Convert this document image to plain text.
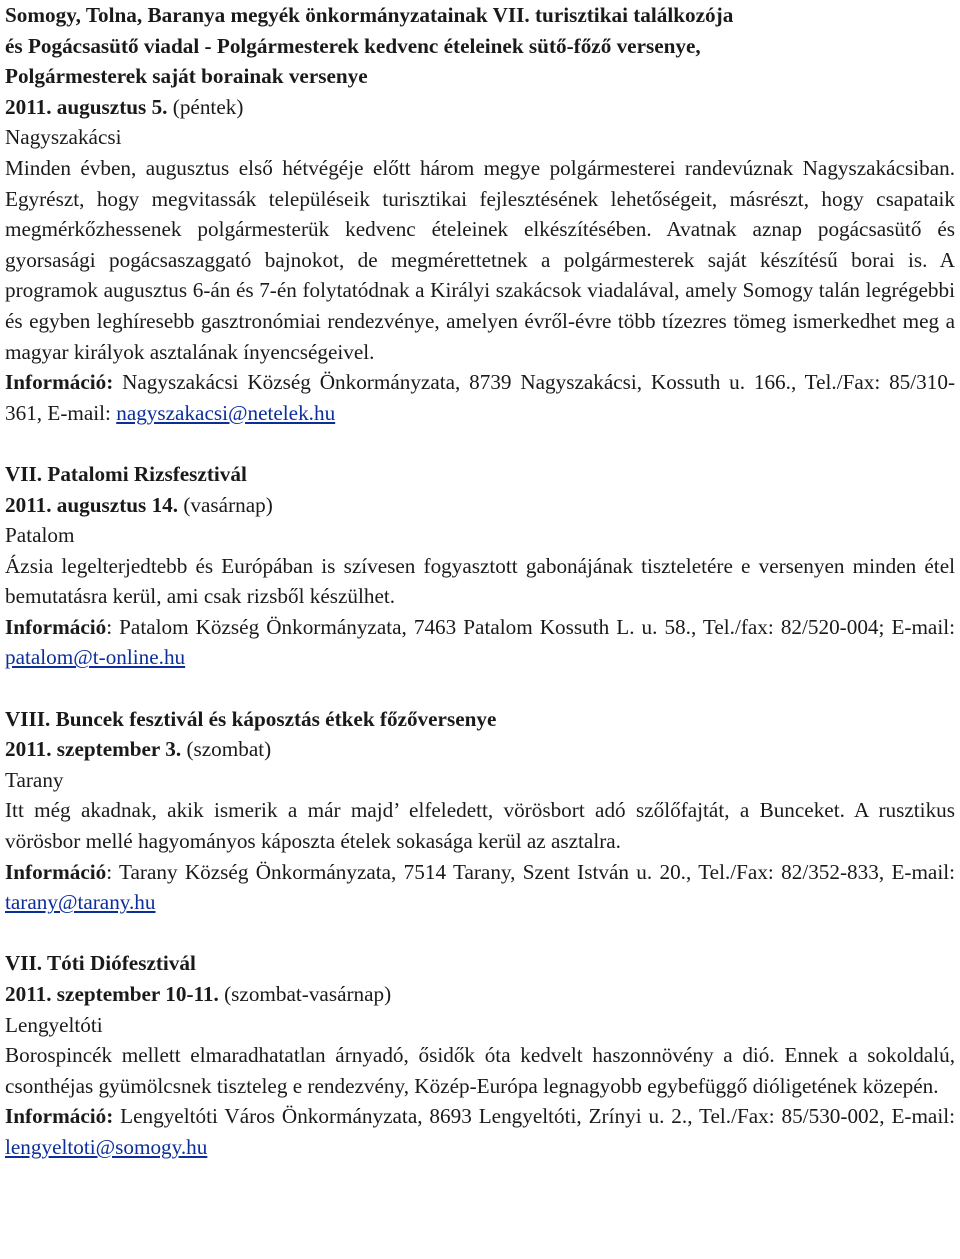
Somogy, Tolna, Baranya megyék önkormányzatainak VII. turisztikai találkozója

és Pogácsasütő viadal - Polgármesterek kedvenc ételeinek sütő-főző versenye,

Polgármesterek saját borainak versenye

2011. augusztus 5. (péntek)

Nagyszakácsi

Minden évben, augusztus első hétvégéje előtt három megye polgármesterei randevúznak Nagyszakácsiban. Egyrészt, hogy megvitassák településeik turisztikai fejlesztésének lehetőségeit, másrészt, hogy csapataik megmérkőzhessenek polgármesterük kedvenc ételeinek elkészítésében. Avatnak aznap pogácsasütő és gyorsasági pogácsaszaggató bajnokot, de megmérettetnek a polgármesterek saját készítésű borai is. A programok augusztus 6-án és 7-én folytatódnak a Királyi szakácsok viadalával, amely Somogy talán legrégebbi és egyben leghíresebb gasztronómiai rendezvénye, amelyen évről-évre több tízezres tömeg ismerkedhet meg a magyar királyok asztalának ínyencségeivel.

Információ: Nagyszakácsi Község Önkormányzata, 8739 Nagyszakácsi, Kossuth u. 166., Tel./Fax: 85/310-361, E-mail: nagyszakacsi@netelek.hu

VII. Patalomi Rizsfesztivál

2011. augusztus 14. (vasárnap)

Patalom

Ázsia legelterjedtebb és Európában is szívesen fogyasztott gabonájának tiszteletére e versenyen minden étel bemutatásra kerül, ami csak rizsből készülhet.

Információ: Patalom Község Önkormányzata, 7463 Patalom Kossuth L. u. 58., Tel./fax: 82/520-004; E-mail: patalom@t-online.hu

VIII. Buncek fesztivál és káposztás étkek főzőversenye

2011. szeptember 3. (szombat)

Tarany

Itt még akadnak, akik ismerik a már majd’ elfeledett, vörösbort adó szőlőfajtát, a Bunceket. A rusztikus vörösbor mellé hagyományos káposzta ételek sokasága kerül az asztalra.

Információ: Tarany Község Önkormányzata, 7514 Tarany, Szent István u. 20., Tel./Fax: 82/352-833, E-mail: tarany@tarany.hu

VII. Tóti Diófesztivál

2011. szeptember 10-11. (szombat-vasárnap)

Lengyeltóti

Borospincék mellett elmaradhatatlan árnyadó, ősidők óta kedvelt haszonnövény a dió. Ennek a sokoldalú, csonthéjas gyümölcsnek tiszteleg e rendezvény, Közép-Európa legnagyobb egybefüggő dióligetének közepén.

Információ: Lengyeltóti Város Önkormányzata, 8693 Lengyeltóti, Zrínyi u. 2., Tel./Fax: 85/530-002, E-mail: lengyeltoti@somogy.hu
